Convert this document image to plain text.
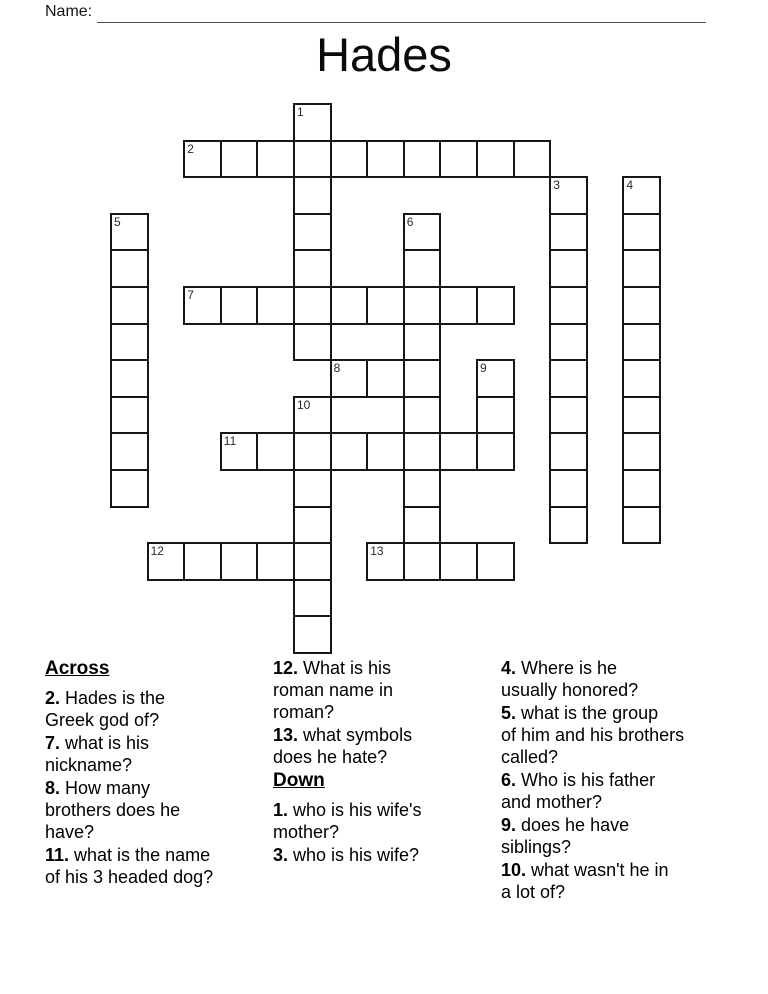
Name:
Hades
1
2
3	4
5	6
7
8	9
10
11
12	13

Across

2. Hades is the
Greek god of?

7. what is his
nickname?

8. How many
brothers does he
have?

11. what is the name
of his 3 headed dog?

12. What is his
roman name in
roman?

13. what symbols
does he hate?

Down

1. who is his wife's
mother?

3. who is his wife?

4. Where is he
usually honored?

5. what is the group
of him and his brothers
called?

6. Who is his father
and mother?

9. does he have
siblings?

10. what wasn't he in
a lot of?
